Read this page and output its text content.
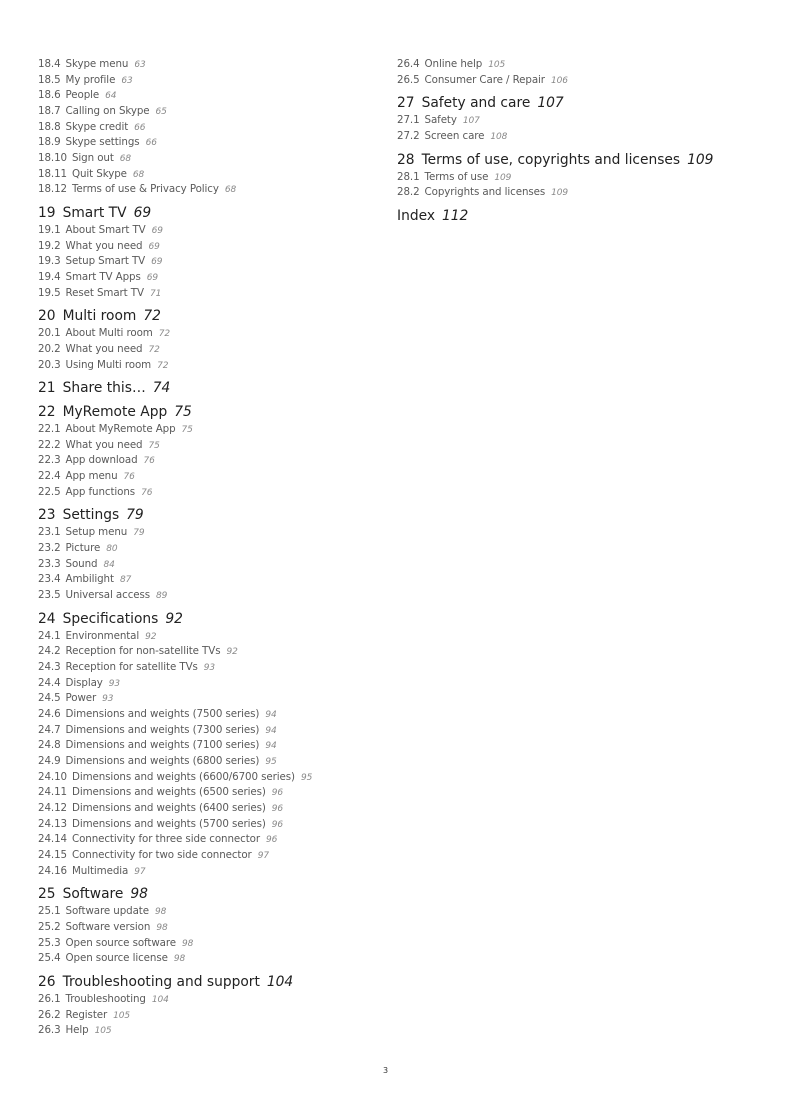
18.4 Skype menu 63
18.5 My profile 63
18.6 People 64
18.7 Calling on Skype 65
18.8 Skype credit 66
18.9 Skype settings 66
18.10 Sign out 68
18.11 Quit Skype 68
18.12 Terms of use & Privacy Policy 68
19 Smart TV 69
19.1 About Smart TV 69
19.2 What you need 69
19.3 Setup Smart TV 69
19.4 Smart TV Apps 69
19.5 Reset Smart TV 71
20 Multi room 72
20.1 About Multi room 72
20.2 What you need 72
20.3 Using Multi room 72
21 Share this… 74
22 MyRemote App 75
22.1 About MyRemote App 75
22.2 What you need 75
22.3 App download 76
22.4 App menu 76
22.5 App functions 76
23 Settings 79
23.1 Setup menu 79
23.2 Picture 80
23.3 Sound 84
23.4 Ambilight 87
23.5 Universal access 89
24 Specifications 92
24.1 Environmental 92
24.2 Reception for non-satellite TVs 92
24.3 Reception for satellite TVs 93
24.4 Display 93
24.5 Power 93
24.6 Dimensions and weights (7500 series) 94
24.7 Dimensions and weights (7300 series) 94
24.8 Dimensions and weights (7100 series) 94
24.9 Dimensions and weights (6800 series) 95
24.10 Dimensions and weights (6600/6700 series) 95
24.11 Dimensions and weights (6500 series) 96
24.12 Dimensions and weights (6400 series) 96
24.13 Dimensions and weights (5700 series) 96
24.14 Connectivity for three side connector 96
24.15 Connectivity for two side connector 97
24.16 Multimedia 97
25 Software 98
25.1 Software update 98
25.2 Software version 98
25.3 Open source software 98
25.4 Open source license 98
26 Troubleshooting and support 104
26.1 Troubleshooting 104
26.2 Register 105
26.3 Help 105
26.4 Online help 105
26.5 Consumer Care / Repair 106
27 Safety and care 107
27.1 Safety 107
27.2 Screen care 108
28 Terms of use, copyrights and licenses 109
28.1 Terms of use 109
28.2 Copyrights and licenses 109
Index 112
3
